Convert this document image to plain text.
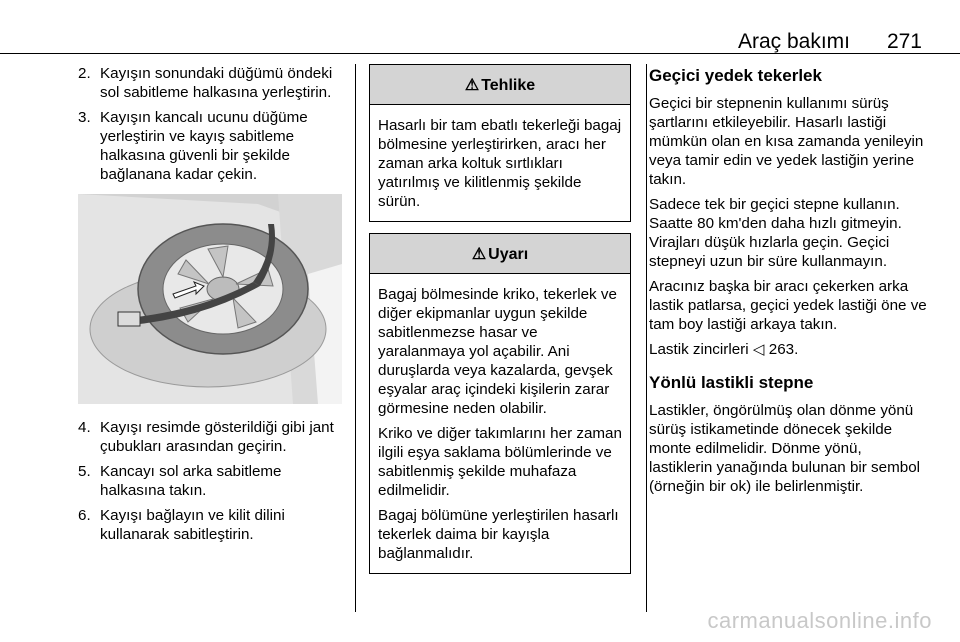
Araç bakımı 271
2. Kayışın sonundaki düğümü öndeki sol sabitleme halkasına yerleştirin.
3. Kayışın kancalı ucunu düğüme yerleştirin ve kayış sabitleme halkasına güvenli bir şekilde bağlanana kadar çekin.
4. Kayışı resimde gösterildiği gibi jant çubukları arasından geçirin.
5. Kancayı sol arka sabitleme halkasına takın.
6. Kayışı bağlayın ve kilit dilini kullanarak sabitleştirin.
⚠ Tehlike

Hasarlı bir tam ebatlı tekerleği bagaj bölmesine yerleştirirken, aracı her zaman arka koltuk sırtlıkları yatırılmış ve kilitlenmiş şekilde sürün.

⚠ Uyarı

Bagaj bölmesinde kriko, tekerlek ve diğer ekipmanlar uygun şekilde sabitlenmezse hasar ve yaralanmaya yol açabilir. Ani duruşlarda veya kazalarda, gevşek eşyalar araç içindeki kişilerin zarar görmesine neden olabilir.

Kriko ve diğer takımlarını her zaman ilgili eşya saklama bölümlerinde ve sabitlenmiş şekilde muhafaza edilmelidir.

Bagaj bölümüne yerleştirilen hasarlı tekerlek daima bir kayışla bağlanmalıdır.

Geçici yedek tekerlek

Geçici bir stepnenin kullanımı sürüş şartlarını etkileyebilir. Hasarlı lastiği mümkün olan en kısa zamanda yenileyin veya tamir edin ve yedek lastiğin yerine takın.

Sadece tek bir geçici stepne kullanın. Saatte 80 km'den daha hızlı gitmeyin. Virajları düşük hızlarla geçin. Geçici stepneyi uzun bir süre kullanmayın.

Aracınız başka bir aracı çekerken arka lastik patlarsa, geçici yedek lastiği öne ve tam boy lastiği arkaya takın.

Lastik zincirleri ◁ 263.

Yönlü lastikli stepne

Lastikler, öngörülmüş olan dönme yönü sürüş istikametinde dönecek şekilde monte edilmelidir. Dönme yönü, lastiklerin yanağında bulunan bir sembol (örneğin bir ok) ile belirlenmiştir.

carmanualsonline.info
